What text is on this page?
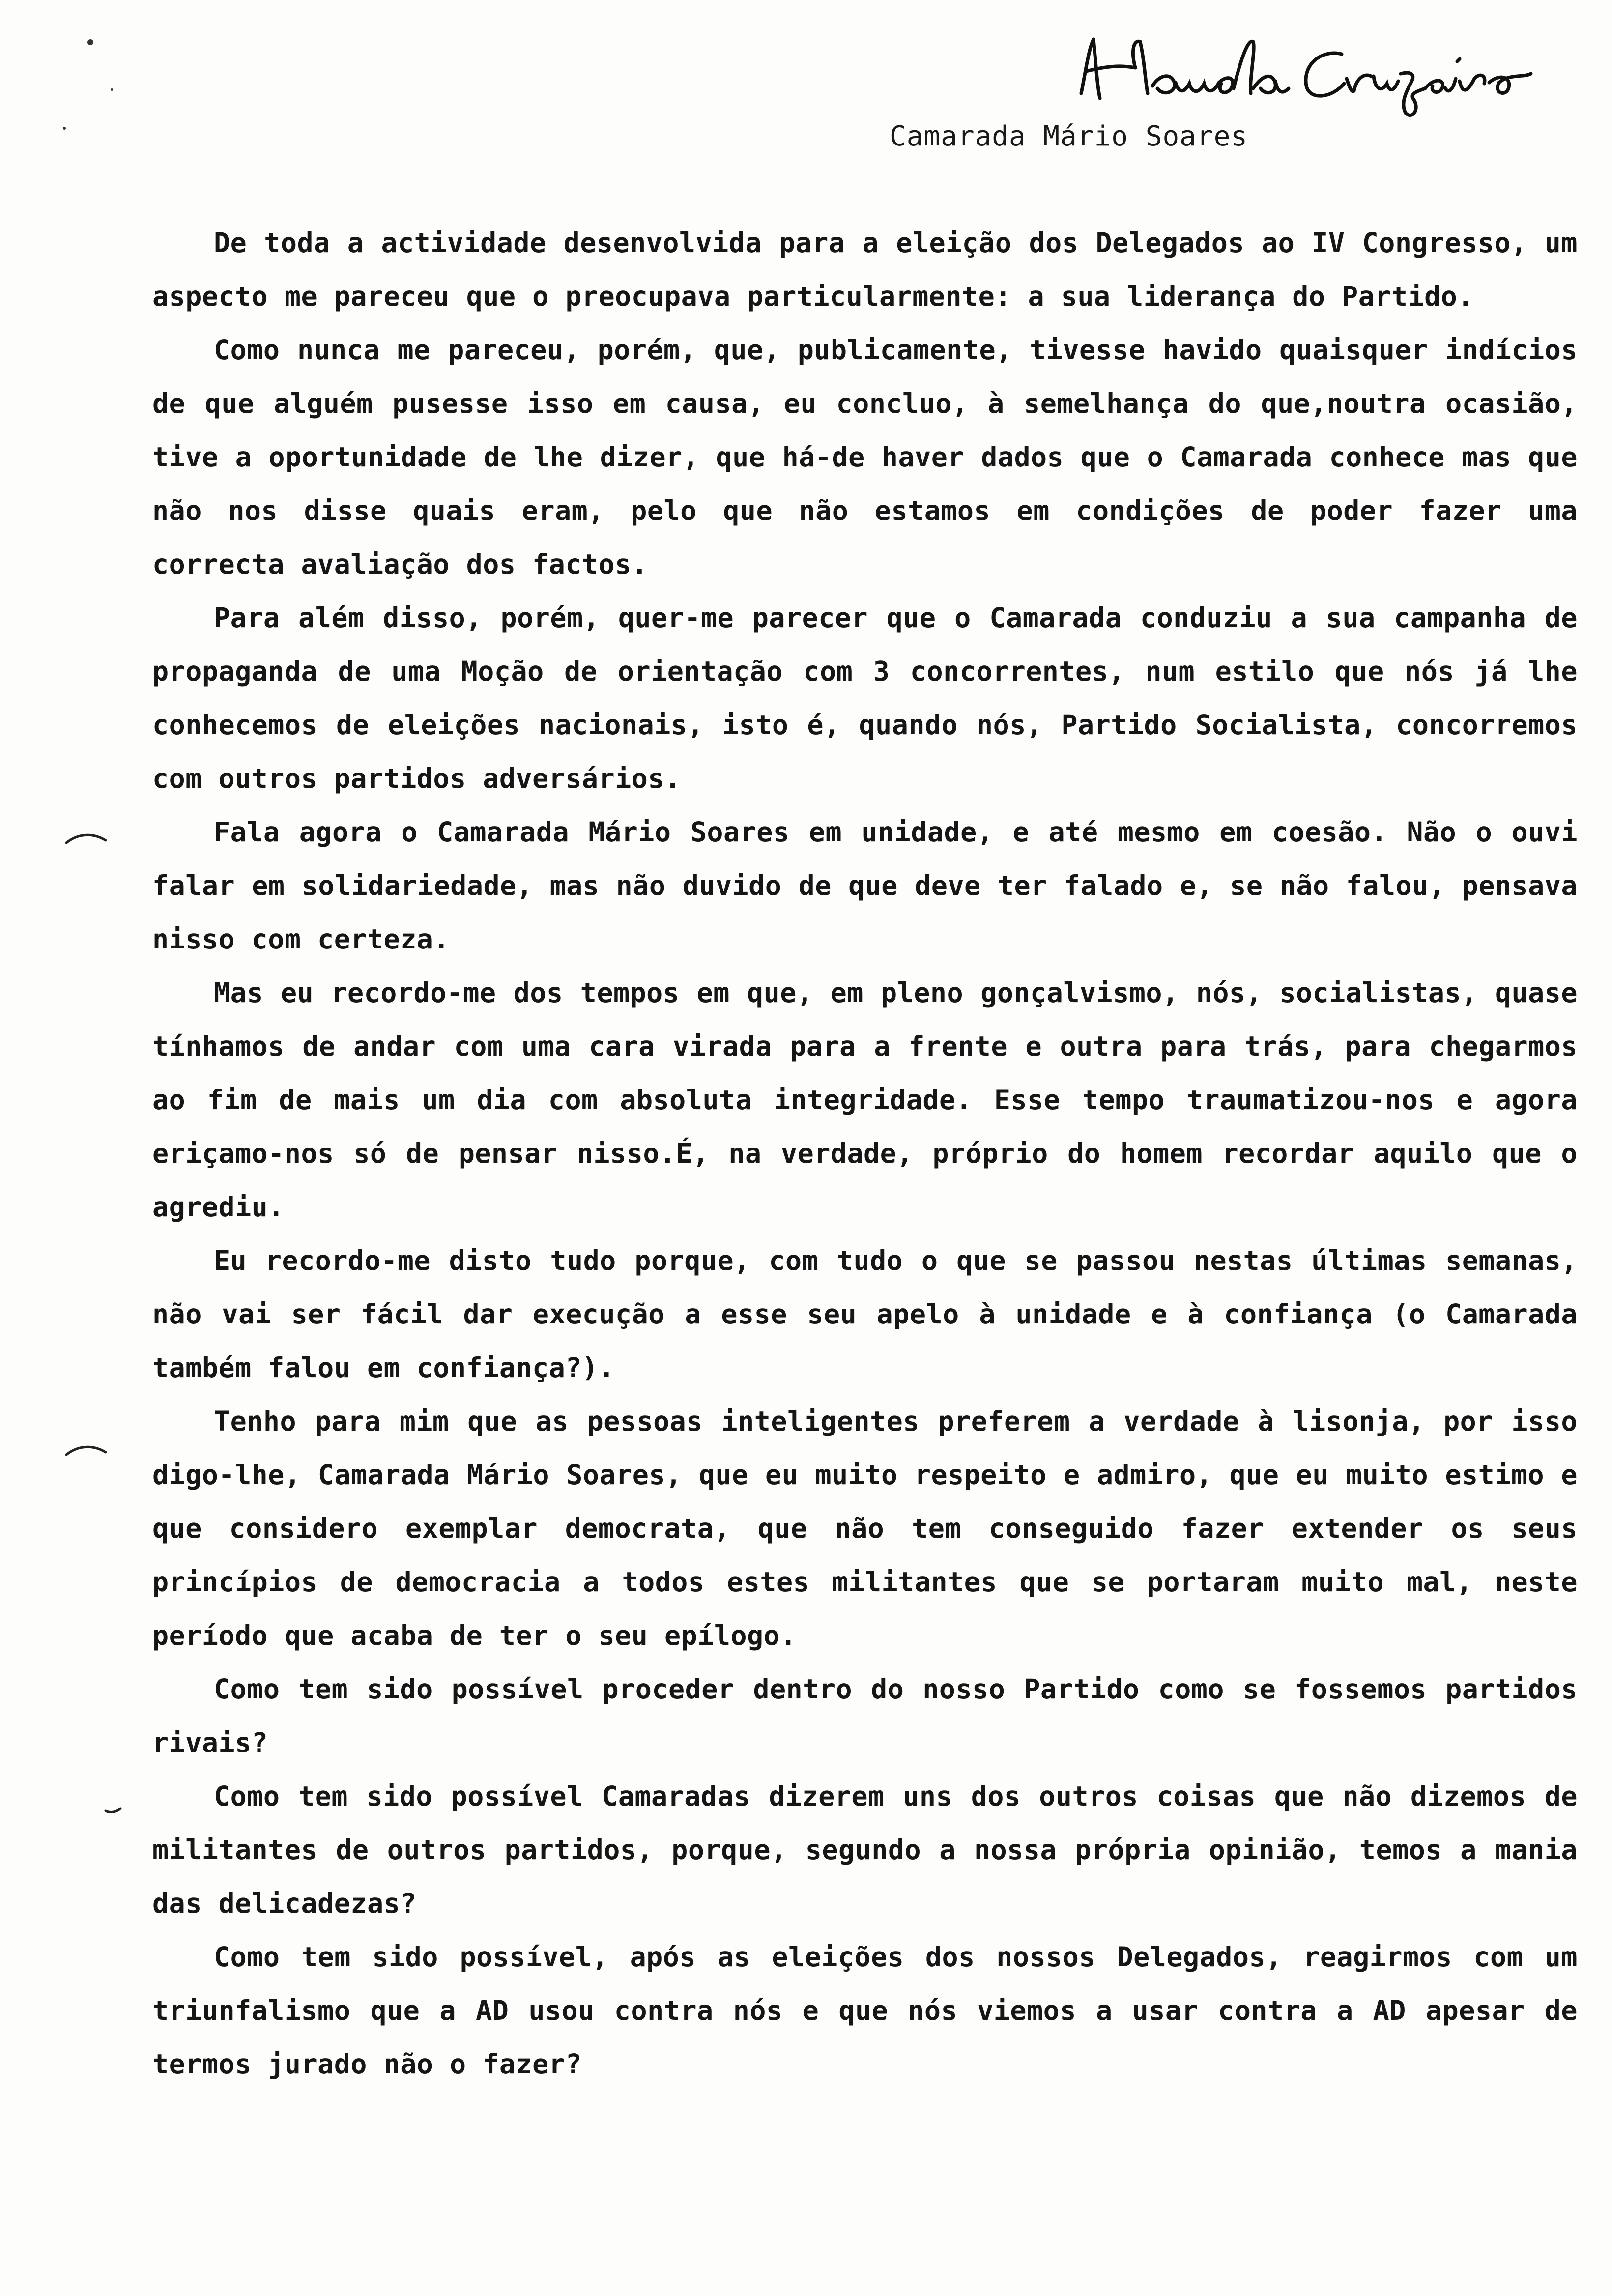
Camarada Mário Soares

De toda a actividade desenvolvida para a eleição dos Delegados ao IV Congresso, um aspecto me pareceu que o preocupava particularmente: a sua liderança do Partido.

Como nunca me pareceu, porém, que, publicamente, tivesse havido quaisquer indícios de que alguém pusesse isso em causa, eu concluo, à semelhança do que,noutra ocasião, tive a oportunidade de lhe dizer, que há-de haver dados que o Camarada conhece mas que não nos disse quais eram, pelo que não estamos em condições de poder fazer uma correcta avaliação dos factos.

Para além disso, porém, quer-me parecer que o Camarada conduziu a sua campanha de propaganda de uma Moção de orientação com 3 concorrentes, num estilo que nós já lhe conhecemos de eleições nacionais, isto é, quando nós, Partido Socialista, concorremos com outros partidos adversários.

Fala agora o Camarada Mário Soares em unidade, e até mesmo em coesão. Não o ouvi falar em solidariedade, mas não duvido de que deve ter falado e, se não falou, pensava nisso com certeza.

Mas eu recordo-me dos tempos em que, em pleno gonçalvismo, nós, socialistas, quase tínhamos de andar com uma cara virada para a frente e outra para trás, para chegarmos ao fim de mais um dia com absoluta integridade. Esse tempo traumatizou-nos e agora eriçamo-nos só de pensar nisso.É, na verdade, próprio do homem recordar aquilo que o agrediu.

Eu recordo-me disto tudo porque, com tudo o que se passou nestas últimas semanas, não vai ser fácil dar execução a esse seu apelo à unidade e à confiança (o Camarada também falou em confiança?).

Tenho para mim que as pessoas inteligentes preferem a verdade à lisonja, por isso digo-lhe, Camarada Mário Soares, que eu muito respeito e admiro, que eu muito estimo e que considero exemplar democrata, que não tem conseguido fazer extender os seus princípios de democracia a todos estes militantes que se portaram muito mal, neste período que acaba de ter o seu epílogo.

Como tem sido possível proceder dentro do nosso Partido como se fossemos partidos rivais?

Como tem sido possível Camaradas dizerem uns dos outros coisas que não dizemos de militantes de outros partidos, porque, segundo a nossa própria opinião, temos a mania das delicadezas?

Como tem sido possível, após as eleições dos nossos Delegados, reagirmos com um triunfalismo que a AD usou contra nós e que nós viemos a usar contra a AD apesar de termos jurado não o fazer?
